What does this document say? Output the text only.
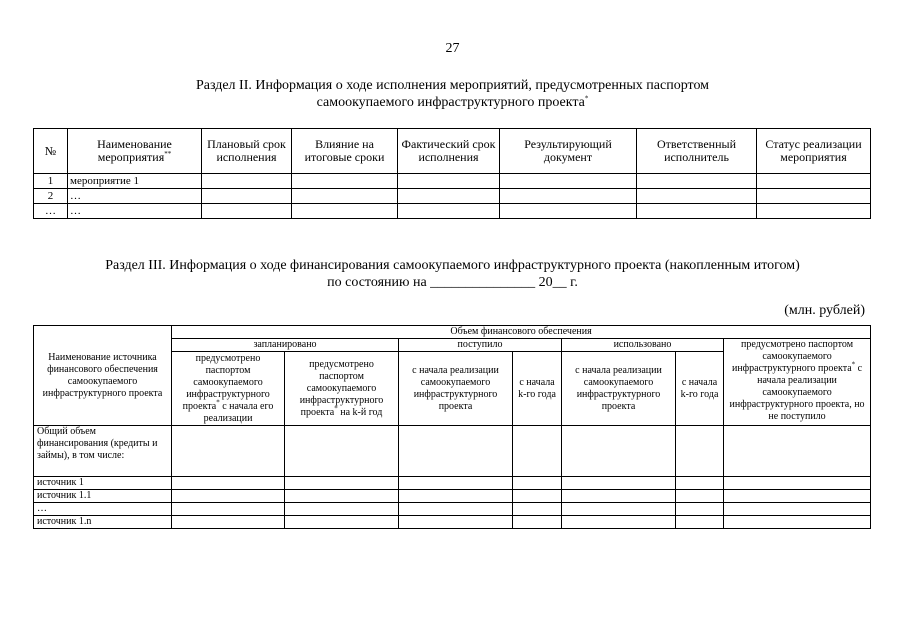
27
Раздел II. Информация о ходе исполнения мероприятий, предусмотренных паспортом
самоокупаемого инфраструктурного проекта*
№	Наименование мероприятия**	Плановый срок исполнения	Влияние на итоговые сроки	Фактический срок исполнения	Результирующий документ	Ответственный исполнитель	Статус реализации мероприятия
1	мероприятие 1						
2	…						
…	…						
Раздел III. Информация о ходе финансирования самоокупаемого инфраструктурного проекта (накопленным итогом)
по состоянию на _______________ 20__ г.
(млн. рублей)
Наименование источника финансового обеспечения самоокупаемого инфраструктурного проекта	Объем финансового обеспечения						
	запланировано		поступило		использовано		предусмотрено паспортом самоокупаемого инфраструктурного проекта* с начала реализации самоокупаемого инфраструктурного проекта, но не поступило
	предусмотрено паспортом самоокупаемого инфраструктурного проекта* с начала его реализации	предусмотрено паспортом самоокупаемого инфраструктурного проекта* на k-й год	с начала реализации самоокупаемого инфраструктурного проекта	с начала k-го года	с начала реализации самоокупаемого инфраструктурного проекта	с начала k-го года	
Общий объем финансирования (кредиты и займы), в том числе:							
источник 1							
источник 1.1							
…							
источник 1.n							
